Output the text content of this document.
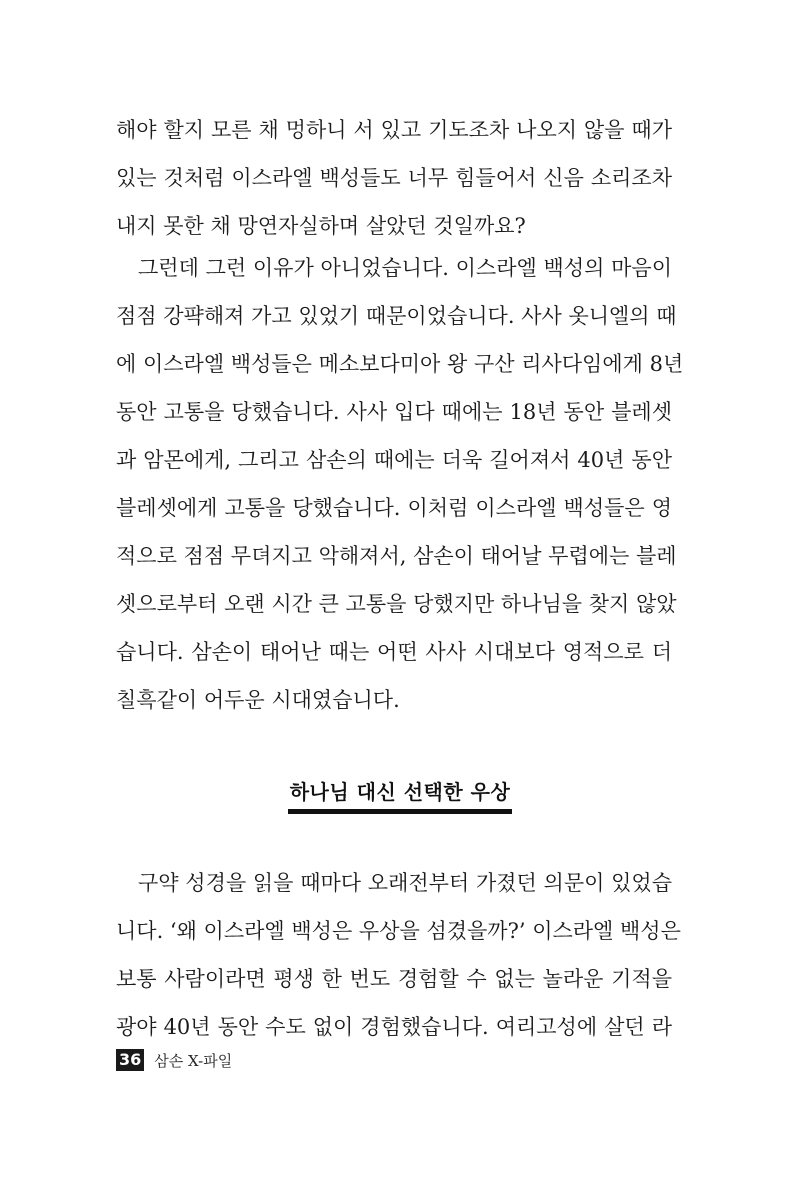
해야 할지 모른 채 멍하니 서 있고 기도조차 나오지 않을 때가
있는 것처럼 이스라엘 백성들도 너무 힘들어서 신음 소리조차
내지 못한 채 망연자실하며 살았던 것일까요?
그런데 그런 이유가 아니었습니다. 이스라엘 백성의 마음이
점점 강퍅해져 가고 있었기 때문이었습니다. 사사 옷니엘의 때
에 이스라엘 백성들은 메소보다미아 왕 구산 리사다임에게 8년
동안 고통을 당했습니다. 사사 입다 때에는 18년 동안 블레셋
과 암몬에게, 그리고 삼손의 때에는 더욱 길어져서 40년 동안
블레셋에게 고통을 당했습니다. 이처럼 이스라엘 백성들은 영
적으로 점점 무뎌지고 악해져서, 삼손이 태어날 무렵에는 블레
셋으로부터 오랜 시간 큰 고통을 당했지만 하나님을 찾지 않았
습니다. 삼손이 태어난 때는 어떤 사사 시대보다 영적으로 더
칠흑같이 어두운 시대였습니다.
하나님 대신 선택한 우상
구약 성경을 읽을 때마다 오래전부터 가졌던 의문이 있었습
니다. ‘왜 이스라엘 백성은 우상을 섬겼을까?’ 이스라엘 백성은
보통 사람이라면 평생 한 번도 경험할 수 없는 놀라운 기적을
광야 40년 동안 수도 없이 경험했습니다. 여리고성에 살던 라
36 삼손 X-파일
